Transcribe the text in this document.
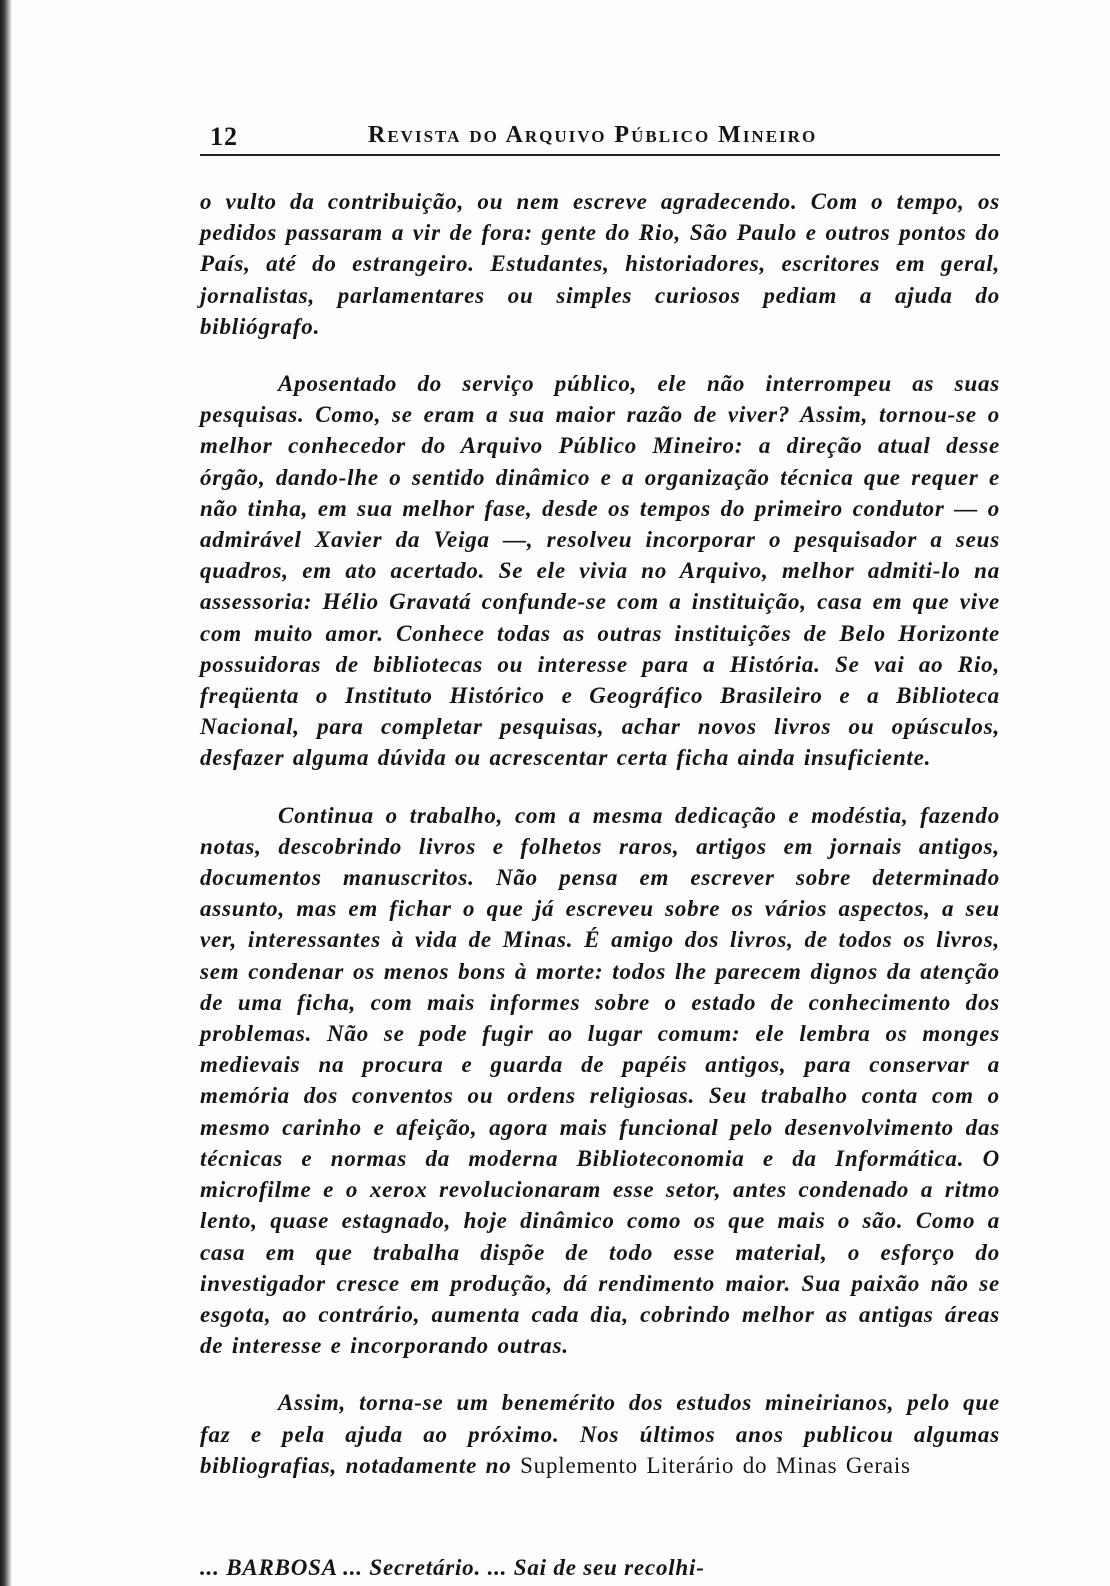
12	Revista do Arquivo Público Mineiro

o vulto da contribuição, ou nem escreve agradecendo. Com o tempo, os pedidos passaram a vir de fora: gente do Rio, São Paulo e outros pontos do País, até do estrangeiro. Estudantes, historiadores, escritores em geral, jornalistas, parlamentares ou simples curiosos pediam a ajuda do bibliógrafo.

Aposentado do serviço público, ele não interrompeu as suas pesquisas. Como, se eram a sua maior razão de viver? Assim, tornou-se o melhor conhecedor do Arquivo Público Mineiro: a direção atual desse órgão, dando-lhe o sentido dinâmico e a organização técnica que requer e não tinha, em sua melhor fase, desde os tempos do primeiro condutor — o admirável Xavier da Veiga —, resolveu incorporar o pesquisador a seus quadros, em ato acertado. Se ele vivia no Arquivo, melhor admiti-lo na assessoria: Hélio Gravatá confunde-se com a instituição, casa em que vive com muito amor. Conhece todas as outras instituições de Belo Horizonte possuidoras de bibliotecas ou interesse para a História. Se vai ao Rio, freqüenta o Instituto Histórico e Geográfico Brasileiro e a Biblioteca Nacional, para completar pesquisas, achar novos livros ou opúsculos, desfazer alguma dúvida ou acrescentar certa ficha ainda insuficiente.

Continua o trabalho, com a mesma dedicação e modéstia, fazendo notas, descobrindo livros e folhetos raros, artigos em jornais antigos, documentos manuscritos. Não pensa em escrever sobre determinado assunto, mas em fichar o que já escreveu sobre os vários aspectos, a seu ver, interessantes à vida de Minas. É amigo dos livros, de todos os livros, sem condenar os menos bons à morte: todos lhe parecem dignos da atenção de uma ficha, com mais informes sobre o estado de conhecimento dos problemas. Não se pode fugir ao lugar comum: ele lembra os monges medievais na procura e guarda de papéis antigos, para conservar a memória dos conventos ou ordens religiosas. Seu trabalho conta com o mesmo carinho e afeição, agora mais funcional pelo desenvolvimento das técnicas e normas da moderna Biblioteconomia e da Informática. O microfilme e o xerox revolucionaram esse setor, antes condenado a ritmo lento, quase estagnado, hoje dinâmico como os que mais o são. Como a casa em que trabalha dispõe de todo esse material, o esforço do investigador cresce em produção, dá rendimento maior. Sua paixão não se esgota, ao contrário, aumenta cada dia, cobrindo melhor as antigas áreas de interesse e incorporando outras.

Assim, torna-se um benemérito dos estudos mineirianos, pelo que faz e pela ajuda ao próximo. Nos últimos anos publicou algumas bibliografias, notadamente no Suplemento Literário do Minas Gerais

... BARBOSA ... Secretário. ... Sai de seu recolhi-
